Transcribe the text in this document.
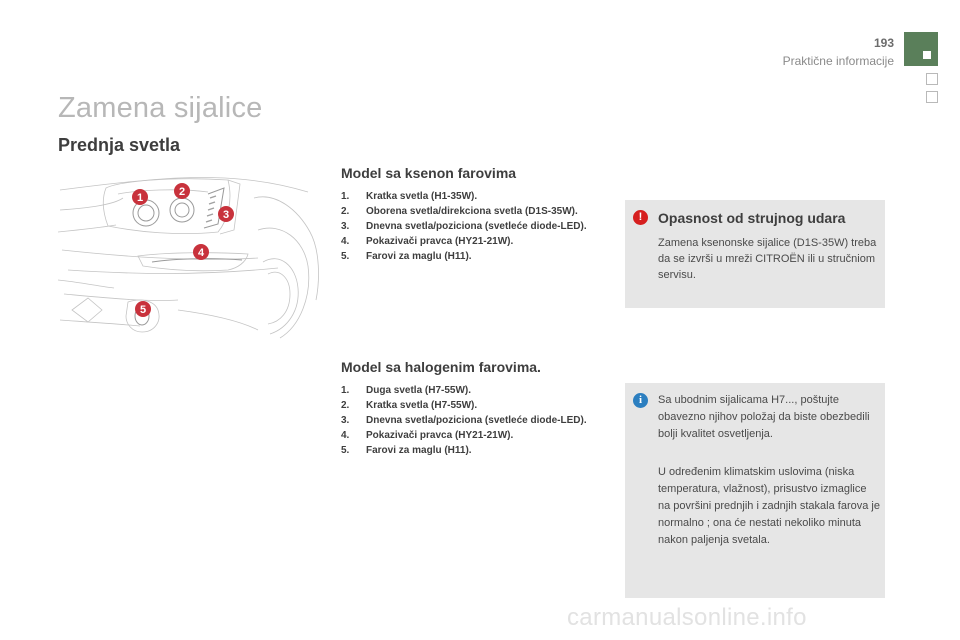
193
Praktične informacije
Zamena sijalice
Prednja svetla
1	2
3
4
5
Model sa ksenon farovima
1. Kratka svetla (H1-35W).
2. Oborena svetla/direkciona svetla (D1S-35W).
3. Dnevna svetla/poziciona (svetleće diode-LED).
4. Pokazivači pravca (HY21-21W).
5. Farovi za maglu (H11).
Model sa halogenim farovima.
1. Duga svetla (H7-55W).
2. Kratka svetla (H7-55W).
3. Dnevna svetla/poziciona (svetleće diode-LED).
4. Pokazivači pravca (HY21-21W).
5. Farovi za maglu (H11).
!	Opasnost od strujnog udara
Zamena ksenonske sijalice (D1S-35W) treba da se izvrši u mreži CITROËN ili u stručniom servisu.
i	Sa ubodnim sijalicama H7..., poštujte obavezno njihov položaj da biste obezbedili bolji kvalitet osvetljenja.
U određenim klimatskim uslovima (niska temperatura, vlažnost), prisustvo izmaglice na površini prednjih i zadnjih stakala farova je normalno ; ona će nestati nekoliko minuta nakon paljenja svetala.
carmanualsonline.info
